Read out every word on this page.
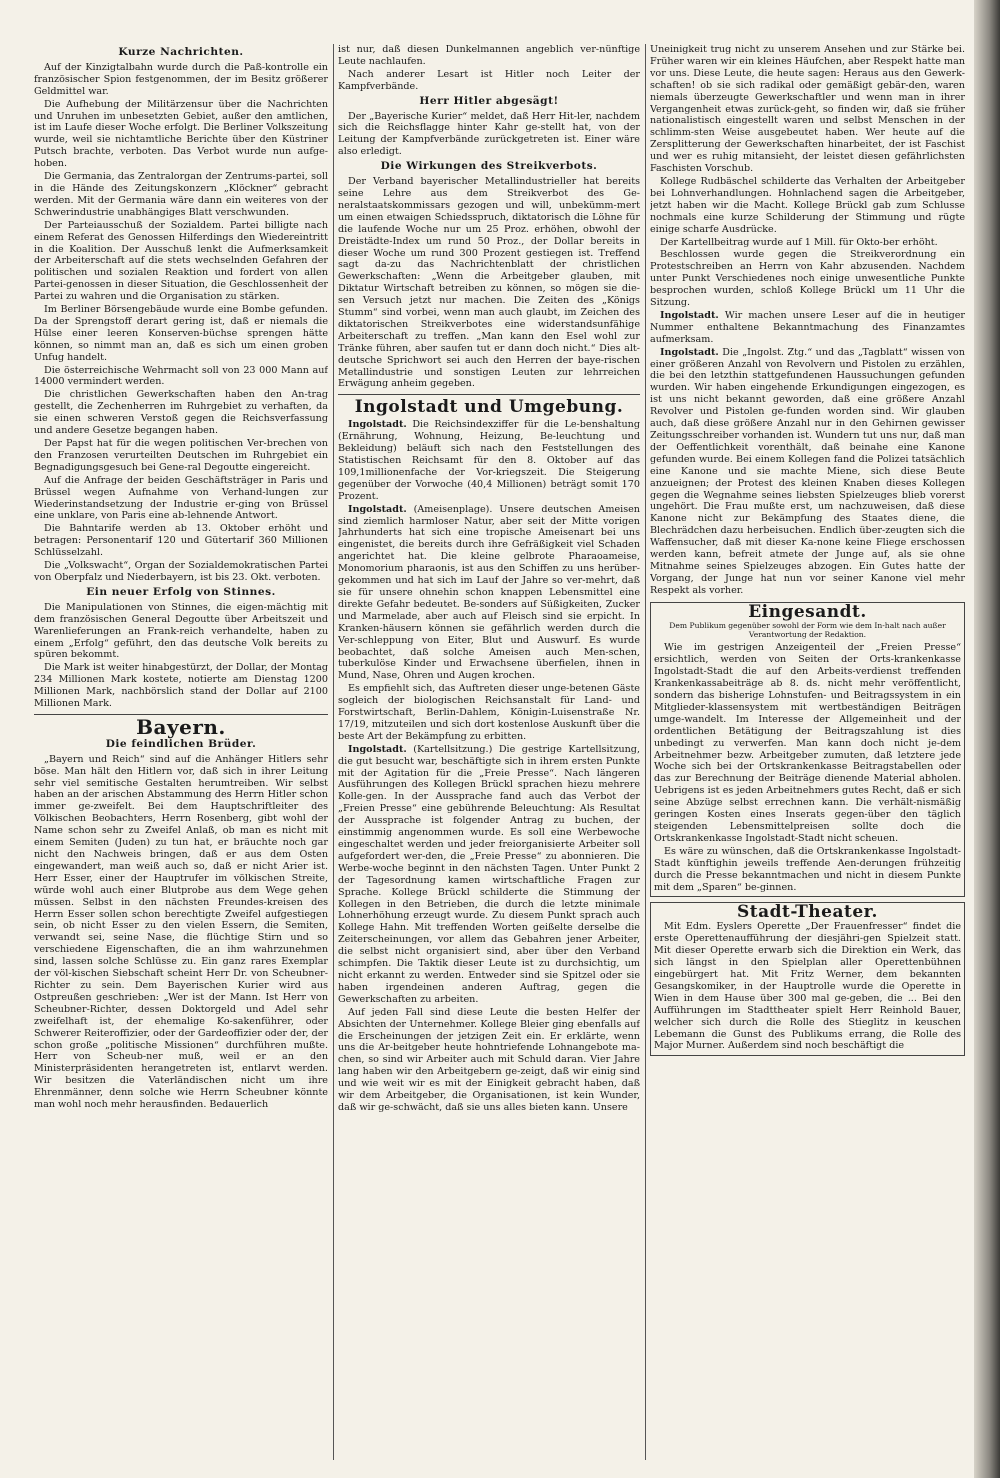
Kurze Nachrichten.

Auf der Kinzigtalbahn wurde durch die Paß-kontrolle ein französischer Spion festgenommen, der im Besitz größerer Geldmittel war.

Die Aufhebung der Militärzensur über die Nachrichten und Unruhen im unbesetzten Gebiet, außer den amtlichen, ist im Laufe dieser Woche erfolgt. Die Berliner Volkszeitung wurde, weil sie nichtamtliche Berichte über den Küstriner Putsch brachte, verboten. Das Verbot wurde nun aufge-hoben.

Die Germania, das Zentralorgan der Zentrums-partei, soll in die Hände des Zeitungskonzern „Klöckner“ gebracht werden. Mit der Germania wäre dann ein weiteres von der Schwerindustrie unabhängiges Blatt verschwunden.

Der Parteiausschuß der Sozialdem. Partei billigte nach einem Referat des Genossen Hilferdings den Wiedereintritt in die Koalition. Der Ausschuß lenkt die Aufmerksamkeit der Arbeiterschaft auf die stets wechselnden Gefahren der politischen und sozialen Reaktion und fordert von allen Partei-genossen in dieser Situation, die Geschlossenheit der Partei zu wahren und die Organisation zu stärken.

Im Berliner Börsengebäude wurde eine Bombe gefunden. Da der Sprengstoff derart gering ist, daß er niemals die Hülse einer leeren Konserven-büchse sprengen hätte können, so nimmt man an, daß es sich um einen groben Unfug handelt.

Die österreichische Wehrmacht soll von 23 000 Mann auf 14000 vermindert werden.

Die christlichen Gewerkschaften haben den An-trag gestellt, die Zechenherren im Ruhrgebiet zu verhaften, da sie einen schweren Verstoß gegen die Reichsverfassung und andere Gesetze begangen haben.

Der Papst hat für die wegen politischen Ver-brechen von den Franzosen verurteilten Deutschen im Ruhrgebiet ein Begnadigungsgesuch bei Gene-ral Degoutte eingereicht.

Auf die Anfrage der beiden Geschäftsträger in Paris und Brüssel wegen Aufnahme von Verhand-lungen zur Wiederinstandsetzung der Industrie er-ging von Brüssel eine unklare, von Paris eine ab-lehnende Antwort.

Die Bahntarife werden ab 13. Oktober erhöht und betragen: Personentarif 120 und Gütertarif 360 Millionen Schlüsselzahl.

Die „Volkswacht“, Organ der Sozialdemokratischen Partei von Oberpfalz und Niederbayern, ist bis 23. Okt. verboten.

Ein neuer Erfolg von Stinnes.

Die Manipulationen von Stinnes, die eigen-mächtig mit dem französischen General Degoutte über Arbeitszeit und Warenlieferungen an Frank-reich verhandelte, haben zu einem „Erfolg“ geführt, den das deutsche Volk bereits zu spüren bekommt.

Die Mark ist weiter hinabgestürzt, der Dollar, der Montag 234 Millionen Mark kostete, notierte am Dienstag 1200 Millionen Mark, nachbörslich stand der Dollar auf 2100 Millionen Mark.

Bayern.
Die feindlichen Brüder.

„Bayern und Reich“ sind auf die Anhänger Hitlers sehr böse. Man hält den Hitlern vor, daß sich in ihrer Leitung sehr viel semitische Gestalten herumtreiben. Wir selbst haben an der arischen Abstammung des Herrn Hitler schon immer ge-zweifelt. Bei dem Hauptschriftleiter des Völkischen Beobachters, Herrn Rosenberg, gibt wohl der Name schon sehr zu Zweifel Anlaß, ob man es nicht mit einem Semiten (Juden) zu tun hat, er bräuchte noch gar nicht den Nachweis bringen, daß er aus dem Osten eingewandert, man weiß auch so, daß er nicht Arier ist. Herr Esser, einer der Hauptrufer im völkischen Streite, würde wohl auch einer Blutprobe aus dem Wege gehen müssen. Selbst in den nächsten Freundes-kreisen des Herrn Esser sollen schon berechtigte Zweifel aufgestiegen sein, ob nicht Esser zu den vielen Essern, die Semiten, verwandt sei, seine Nase, die flüchtige Stirn und so verschiedene Eigenschaften, die an ihm wahrzunehmen sind, lassen solche Schlüsse zu. Ein ganz rares Exemplar der völ-kischen Siebschaft scheint Herr Dr. von Scheubner-Richter zu sein. Dem Bayerischen Kurier wird aus Ostpreußen geschrieben: „Wer ist der Mann. Ist Herr von Scheubner-Richter, dessen Doktorgeld und Adel sehr zweifelhaft ist, der ehemalige Ko-sakenführer, oder Schwerer Reiteroffizier, oder der Gardeoffizier oder der, der schon große „politische Missionen“ durchführen mußte. Herr von Scheub-ner muß, weil er an den Ministerpräsidenten herangetreten ist, entlarvt werden. Wir besitzen die Vaterländischen nicht um ihre Ehrenmänner, denn solche wie Herrn Scheubner könnte man wohl noch mehr herausfinden. Bedauerlich

ist nur, daß diesen Dunkelmannen angeblich ver-nünftige Leute nachlaufen.

Nach anderer Lesart ist Hitler noch Leiter der Kampfverbände.

Herr Hitler abgesägt!

Der „Bayerische Kurier“ meldet, daß Herr Hit-ler, nachdem sich die Reichsflagge hinter Kahr ge-stellt hat, von der Leitung der Kampfverbände zurückgetreten ist. Einer wäre also erledigt.

Die Wirkungen des Streikverbots.

Der Verband bayerischer Metallindustrieller hat bereits seine Lehre aus dem Streikverbot des Ge-neralstaatskommissars gezogen und will, unbekümm-mert um einen etwaigen Schiedsspruch, diktatorisch die Löhne für die laufende Woche nur um 25 Proz. erhöhen, obwohl der Dreistädte-Index um rund 50 Proz., der Dollar bereits in dieser Woche um rund 300 Prozent gestiegen ist. Treffend sagt da-zu das Nachrichtenblatt der christlichen Gewerkschaften: „Wenn die Arbeitgeber glauben, mit Diktatur Wirtschaft betreiben zu können, so mögen sie die-sen Versuch jetzt nur machen. Die Zeiten des „Königs Stumm“ sind vorbei, wenn man auch glaubt, im Zeichen des diktatorischen Streikverbotes eine widerstandsunfähige Arbeiterschaft zu treffen. „Man kann den Esel wohl zur Tränke führen, aber saufen tut er dann doch nicht.“ Dies alt-deutsche Sprichwort sei auch den Herren der baye-rischen Metallindustrie und sonstigen Leuten zur lehrreichen Erwägung anheim gegeben.

Ingolstadt und Umgebung.

Ingolstadt. Die Reichsindexziffer für die Le-benshaltung (Ernährung, Wohnung, Heizung, Be-leuchtung und Bekleidung) beläuft sich nach den Feststellungen des Statistischen Reichsamt für den 8. Oktober auf das 109,1millionenfache der Vor-kriegszeit. Die Steigerung gegenüber der Vorwoche (40,4 Millionen) beträgt somit 170 Prozent.

Ingolstadt. (Ameisenplage). Unsere deutschen Ameisen sind ziemlich harmloser Natur, aber seit der Mitte vorigen Jahrhunderts hat sich eine tropische Ameisenart bei uns eingenistet, die bereits durch ihre Gefräßigkeit viel Schaden angerichtet hat. Die kleine gelbrote Pharaoameise, Monomorium pharaonis, ist aus den Schiffen zu uns herüber-gekommen und hat sich im Lauf der Jahre so ver-mehrt, daß sie für unsere ohnehin schon knappen Lebensmittel eine direkte Gefahr bedeutet. Be-sonders auf Süßigkeiten, Zucker und Marmelade, aber auch auf Fleisch sind sie erpicht. In Kranken-häusern können sie gefährlich werden durch die Ver-schleppung von Eiter, Blut und Auswurf. Es wurde beobachtet, daß solche Ameisen auch Men-schen, tuberkulöse Kinder und Erwachsene überfielen, ihnen in Mund, Nase, Ohren und Augen krochen.

Es empfiehlt sich, das Auftreten dieser unge-betenen Gäste sogleich der biologischen Reichsanstalt für Land- und Forstwirtschaft, Berlin-Dahlem, Königin-Luisenstraße Nr. 17/19, mitzuteilen und sich dort kostenlose Auskunft über die beste Art der Bekämpfung zu erbitten.

Ingolstadt. (Kartellsitzung.) Die gestrige Kartellsitzung, die gut besucht war, beschäftigte sich in ihrem ersten Punkte mit der Agitation für die „Freie Presse“. Nach längeren Ausführungen des Kollegen Brückl sprachen hiezu mehrere Kolle-gen. In der Aussprache fand auch das Verbot der „Freien Presse“ eine gebührende Beleuchtung: Als Resultat der Aussprache ist folgender Antrag zu buchen, der einstimmig angenommen wurde. Es soll eine Werbewoche eingeschaltet werden und jeder freiorganisierte Arbeiter soll aufgefordert wer-den, die „Freie Presse“ zu abonnieren. Die Werbe-woche beginnt in den nächsten Tagen. Unter Punkt 2 der Tagesordnung kamen wirtschaftliche Fragen zur Sprache. Kollege Brückl schilderte die Stimmung der Kollegen in den Betrieben, die durch die letzte minimale Lohnerhöhung erzeugt wurde. Zu diesem Punkt sprach auch Kollege Hahn. Mit treffenden Worten geißelte derselbe die Zeiterscheinungen, vor allem das Gebahren jener Arbeiter, die selbst nicht organisiert sind, aber über den Verband schimpfen. Die Taktik dieser Leute ist zu durchsichtig, um nicht erkannt zu werden. Entweder sind sie Spitzel oder sie haben irgendeinen anderen Auftrag, gegen die Gewerkschaften zu arbeiten.

Auf jeden Fall sind diese Leute die besten Helfer der Absichten der Unternehmer. Kollege Bleier ging ebenfalls auf die Erscheinungen der jetzigen Zeit ein. Er erklärte, wenn uns die Ar-beitgeber heute hohntriefende Lohnangebote ma-chen, so sind wir Arbeiter auch mit Schuld daran. Vier Jahre lang haben wir den Arbeitgebern ge-zeigt, daß wir einig sind und wie weit wir es mit der Einigkeit gebracht haben, daß wir dem Arbeitgeber, die Organisationen, ist kein Wunder, daß wir ge-schwächt, daß sie uns alles bieten kann. Unsere

Uneinigkeit trug nicht zu unserem Ansehen und zur Stärke bei. Früher waren wir ein kleines Häufchen, aber Respekt hatte man vor uns. Diese Leute, die heute sagen: Heraus aus den Gewerk-schaften! ob sie sich radikal oder gemäßigt gebär-den, waren niemals überzeugte Gewerkschaftler und wenn man in ihrer Vergangenheit etwas zurück-geht, so finden wir, daß sie früher nationalistisch eingestellt waren und selbst Menschen in der schlimm-sten Weise ausgebeutet haben. Wer heute auf die Zersplitterung der Gewerkschaften hinarbeitet, der ist Faschist und wer es ruhig mitansieht, der leistet diesen gefährlichsten Faschisten Vorschub.

Kollege Rudbäschel schilderte das Verhalten der Arbeitgeber bei Lohnverhandlungen. Hohnlachend sagen die Arbeitgeber, jetzt haben wir die Macht. Kollege Brückl gab zum Schlusse nochmals eine kurze Schilderung der Stimmung und rügte einige scharfe Ausdrücke.

Der Kartellbeitrag wurde auf 1 Mill. für Okto-ber erhöht.

Beschlossen wurde gegen die Streikverordnung ein Protestschreiben an Herrn von Kahr abzusenden. Nachdem unter Punkt Verschiedenes noch einige unwesentliche Punkte besprochen wurden, schloß Kollege Brückl um 11 Uhr die Sitzung.

Ingolstadt. Wir machen unsere Leser auf die in heutiger Nummer enthaltene Bekanntmachung des Finanzamtes aufmerksam.

Ingolstadt. Die „Ingolst. Ztg.“ und das „Tagblatt“ wissen von einer größeren Anzahl von Revolvern und Pistolen zu erzählen, die bei den letzthin stattgefundenen Haussuchungen gefunden wurden. Wir haben eingehende Erkundigungen eingezogen, es ist uns nicht bekannt geworden, daß eine größere Anzahl Revolver und Pistolen ge-funden worden sind. Wir glauben auch, daß diese größere Anzahl nur in den Gehirnen gewisser Zeitungsschreiber vorhanden ist. Wundern tut uns nur, daß man der Oeffentlichkeit vorenthält, daß beinahe eine Kanone gefunden wurde. Bei einem Kollegen fand die Polizei tatsächlich eine Kanone und sie machte Miene, sich diese Beute anzueignen; der Protest des kleinen Knaben dieses Kollegen gegen die Wegnahme seines liebsten Spielzeuges blieb vorerst ungehört. Die Frau mußte erst, um nachzuweisen, daß diese Kanone nicht zur Bekämpfung des Staates diene, die Blechrädchen dazu herbeisuchen. Endlich über-zeugten sich die Waffensucher, daß mit dieser Ka-none keine Fliege erschossen werden kann, befreit atmete der Junge auf, als sie ohne Mitnahme seines Spielzeuges abzogen. Ein Gutes hatte der Vorgang, der Junge hat nun vor seiner Kanone viel mehr Respekt als vorher.

Eingesandt.

Dem Publikum gegenüber sowohl der Form wie dem In-halt nach außer Verantwortung der Redaktion.

Wie im gestrigen Anzeigenteil der „Freien Presse“ ersichtlich, werden von Seiten der Orts-krankenkasse Ingolstadt-Stadt die auf den Arbeits-verdienst treffenden Krankenkassabeiträge ab 8. ds. nicht mehr veröffentlicht, sondern das bisherige Lohnstufen- und Beitragssystem in ein Mitglieder-klassensystem mit wertbeständigen Beiträgen umge-wandelt. Im Interesse der Allgemeinheit und der ordentlichen Betätigung der Beitragszahlung ist dies unbedingt zu verwerfen. Man kann doch nicht je-dem Arbeitnehmer bezw. Arbeitgeber zumuten, daß letztere jede Woche sich bei der Ortskrankenkasse Beitragstabellen oder das zur Berechnung der Beiträge dienende Material abholen. Uebrigens ist es jeden Arbeitnehmers gutes Recht, daß er sich seine Abzüge selbst errechnen kann. Die verhält-nismäßig geringen Kosten eines Inserats gegen-über den täglich steigenden Lebensmittelpreisen sollte doch die Ortskrankenkasse Ingolstadt-Stadt nicht scheuen.

Es wäre zu wünschen, daß die Ortskrankenkasse Ingolstadt-Stadt künftighin jeweils treffende Aen-derungen frühzeitig durch die Presse bekanntmachen und nicht in diesem Punkte mit dem „Sparen“ be-ginnen.

Stadt-Theater.

Mit Edm. Eyslers Operette „Der Frauenfresser“ findet die erste Operettenaufführung der diesjähri-gen Spielzeit statt. Mit dieser Operette erwarb sich die Direktion ein Werk, das sich längst in den Spielplan aller Operettenbühnen eingebürgert hat. Mit Fritz Werner, dem bekannten Gesangskomiker, in der Hauptrolle wurde die Operette in Wien in dem Hause über 300 mal ge-geben, die ... Bei den Aufführungen im Stadttheater spielt Herr Reinhold Bauer, welcher sich durch die Rolle des Stieglitz in keuschen Lebemann die Gunst des Publikums errang, die Rolle des Major Murner. Außerdem sind noch beschäftigt die
